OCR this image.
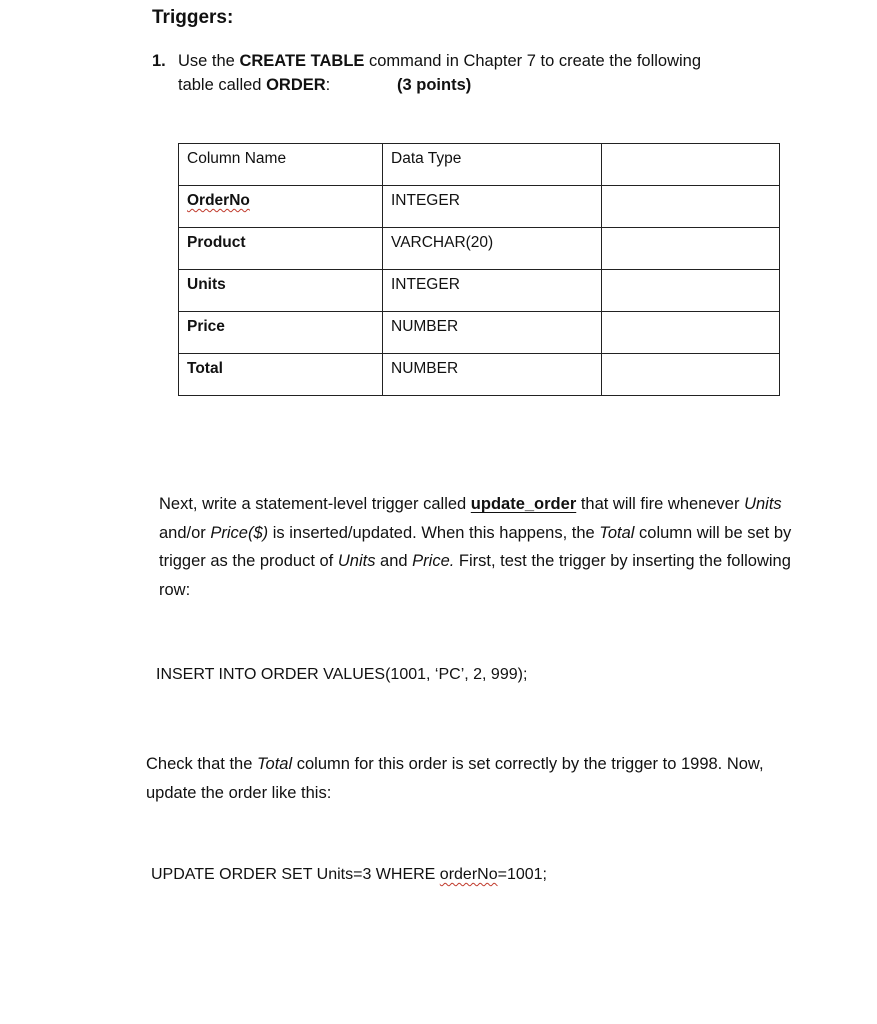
Triggers:
1. Use the CREATE TABLE command in Chapter 7 to create the following
table called ORDER:	(3 points)
Column Name	Data Type	
OrderNo	INTEGER	
Product	VARCHAR(20)	
Units	INTEGER	
Price	NUMBER	
Total	NUMBER	
Next, write a statement-level trigger called update_order that will fire whenever Units and/or Price($) is inserted/updated. When this happens, the Total column will be set by trigger as the product of Units and Price. First, test the trigger by inserting the following row:
INSERT INTO ORDER VALUES(1001, ‘PC’, 2, 999);
Check that the Total column for this order is set correctly by the trigger to 1998. Now, update the order like this:
UPDATE ORDER SET Units=3 WHERE orderNo=1001;
